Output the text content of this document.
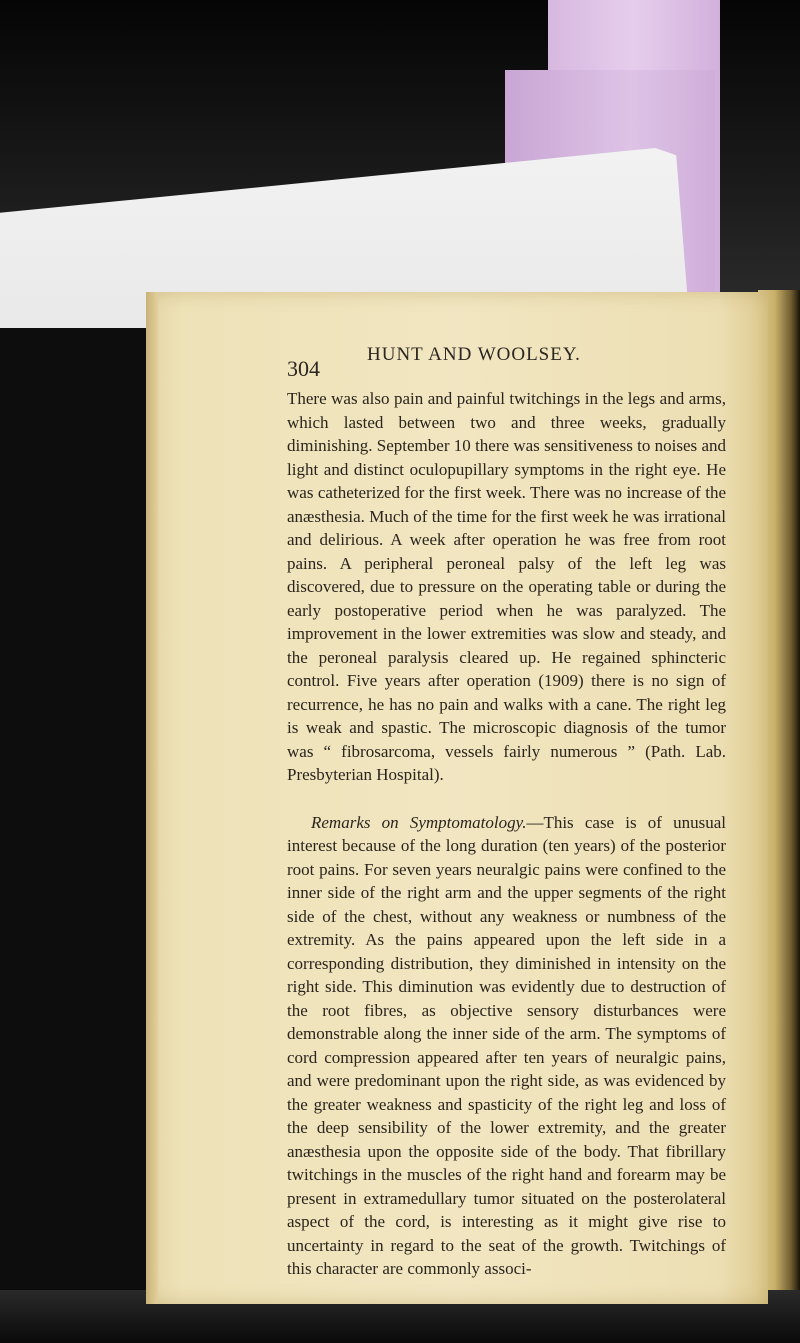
304
HUNT AND WOOLSEY.

There was also pain and painful twitchings in the legs and arms, which lasted between two and three weeks, gradually diminishing. September 10 there was sensitiveness to noises and light and distinct oculopupillary symptoms in the right eye. He was catheterized for the first week. There was no increase of the anæsthesia. Much of the time for the first week he was irrational and delirious. A week after operation he was free from root pains. A peripheral peroneal palsy of the left leg was discovered, due to pressure on the operating table or during the early postoperative period when he was paralyzed. The improvement in the lower extremities was slow and steady, and the peroneal paralysis cleared up. He regained sphincteric control. Five years after operation (1909) there is no sign of recurrence, he has no pain and walks with a cane. The right leg is weak and spastic. The microscopic diagnosis of the tumor was “ fibrosarcoma, vessels fairly numerous ” (Path. Lab. Presbyterian Hospital).

Remarks on Symptomatology.—This case is of unusual interest because of the long duration (ten years) of the posterior root pains. For seven years neuralgic pains were confined to the inner side of the right arm and the upper segments of the right side of the chest, without any weakness or numbness of the extremity. As the pains appeared upon the left side in a corresponding distribution, they diminished in intensity on the right side. This diminution was evidently due to destruction of the root fibres, as objective sensory disturbances were demonstrable along the inner side of the arm. The symptoms of cord compression appeared after ten years of neuralgic pains, and were predominant upon the right side, as was evidenced by the greater weakness and spasticity of the right leg and loss of the deep sensibility of the lower extremity, and the greater anæsthesia upon the opposite side of the body. That fibrillary twitchings in the muscles of the right hand and forearm may be present in extramedullary tumor situated on the posterolateral aspect of the cord, is interesting as it might give rise to uncertainty in regard to the seat of the growth. Twitchings of this character are commonly associ-
